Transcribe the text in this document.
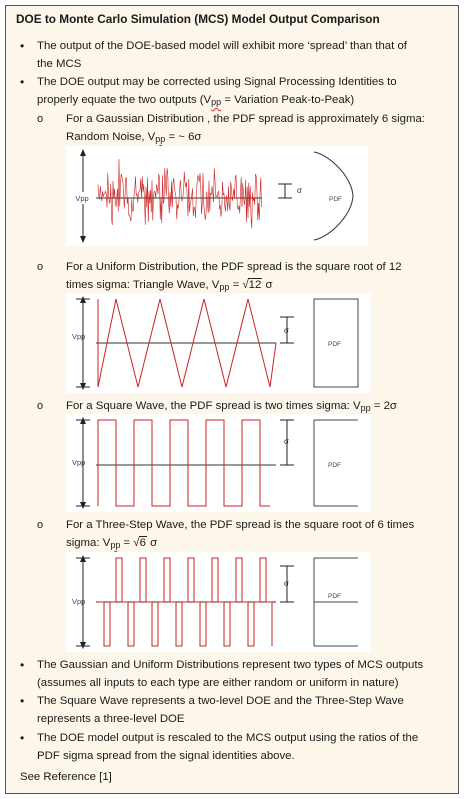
DOE to Monte Carlo Simulation (MCS) Model Output Comparison
• The output of the DOE-based model will exhibit more ‘spread’ than that of
the MCS
• The DOE output may be corrected using Signal Processing Identities to
properly equate the two outputs (Vpp = Variation Peak-to-Peak)
o For a Gaussian Distribution , the PDF spread is approximately 6 sigma:
Random Noise, Vpp = ~ 6σ
Vpp
σ
PDF
o For a Uniform Distribution, the PDF spread is the square root of 12
times sigma: Triangle Wave, Vpp = √12 σ
Vpp
σ
PDF
o For a Square Wave, the PDF spread is two times sigma: Vpp = 2σ
Vpp
σ
PDF
o For a Three-Step Wave, the PDF spread is the square root of 6 times
sigma: Vpp = √6 σ
Vpp
σ
PDF
• The Gaussian and Uniform Distributions represent two types of MCS outputs
(assumes all inputs to each type are either random or uniform in nature)
• The Square Wave represents a two-level DOE and the Three-Step Wave
represents a three-level DOE
• The DOE model output is rescaled to the MCS output using the ratios of the
PDF sigma spread from the signal identities above.
See Reference [1]
